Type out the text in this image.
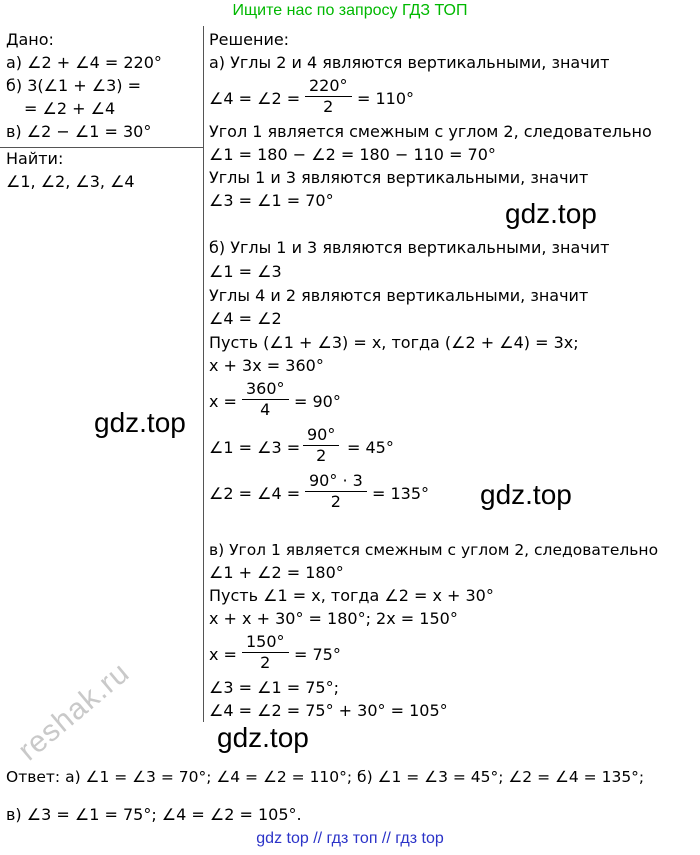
Ищите нас по запросу ГДЗ ТОП
Дано:
а) ∠2 + ∠4 = 220°
б) 3(∠1 + ∠3) =
= ∠2 + ∠4
в) ∠2 − ∠1 = 30°
Найти:
∠1, ∠2, ∠3, ∠4
Решение:
а) Углы 2 и 4 являются вертикальными, значит
∠4 = ∠2 = $\frac{220^\circ}{2} = 110^\circ$
Угол 1 является смежным с углом 2, следовательно
∠1 = 180 − ∠2 = 180 − 110 = 70°
Углы 1 и 3 являются вертикальными, значит
∠3 = ∠1 = 70°
б) Углы 1 и 3 являются вертикальными, значит
∠1 = ∠3
Углы 4 и 2 являются вертикальными, значит
∠4 = ∠2
Пусть (∠1 + ∠3) = x, тогда (∠2 + ∠4) = 3x;
x + 3x = 360°
$x = \frac{360^\circ}{4} = 90^\circ$
∠1 = ∠3 = $\frac{90^\circ}{2} = 45^\circ$
∠2 = ∠4 = $\frac{90^\circ \cdot 3}{2} = 135^\circ$
в) Угол 1 является смежным с углом 2, следовательно
∠1 + ∠2 = 180°
Пусть ∠1 = x, тогда ∠2 = x + 30°
x + x + 30° = 180°; 2x = 150°
$x = \frac{150^\circ}{2} = 75^\circ$
∠3 = ∠1 = 75°;
∠4 = ∠2 = 75° + 30° = 105°
Ответ: а) ∠1 = ∠3 = 70°; ∠4 = ∠2 = 110°; б) ∠1 = ∠3 = 45°; ∠2 = ∠4 = 135°;
в) ∠3 = ∠1 = 75°; ∠4 = ∠2 = 105°.
gdz.top
gdz.top
gdz.top
gdz.top
reshak.ru
gdz top // гдз топ // гдз top
